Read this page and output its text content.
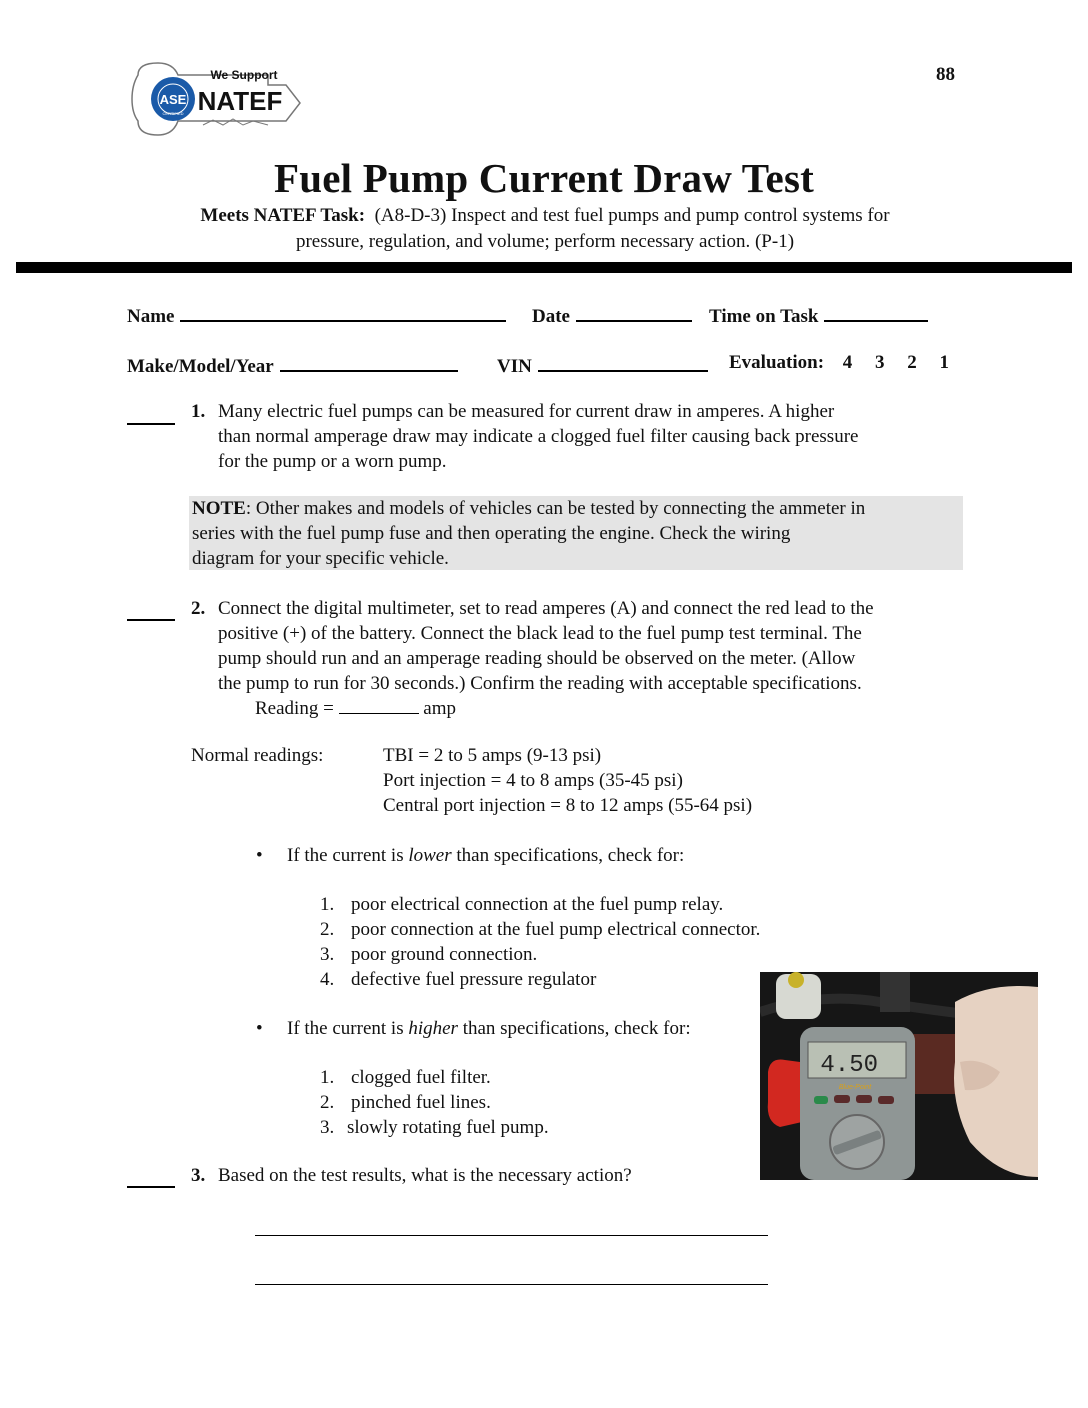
ASE
CERTIFIED
We Support
NATEF
88
Fuel Pump Current Draw Test
Meets NATEF Task: (A8-D-3) Inspect and test fuel pumps and pump control systems for
pressure, regulation, and volume; perform necessary action. (P-1)
Name	Date	Time on Task
Make/Model/Year	VIN	Evaluation: 4 3 2 1
1. Many electric fuel pumps can be measured for current draw in amperes. A higher
than normal amperage draw may indicate a clogged fuel filter causing back pressure
for the pump or a worn pump.
NOTE: Other makes and models of vehicles can be tested by connecting the ammeter in
series with the fuel pump fuse and then operating the engine. Check the wiring
diagram for your specific vehicle.
2. Connect the digital multimeter, set to read amperes (A) and connect the red lead to the
positive (+) of the battery. Connect the black lead to the fuel pump test terminal. The
pump should run and an amperage reading should be observed on the meter. (Allow
the pump to run for 30 seconds.) Confirm the reading with acceptable specifications.
Reading =	amp
Normal readings:	TBI = 2 to 5 amps (9-13 psi)
Port injection = 4 to 8 amps (35-45 psi)
Central port injection = 8 to 12 amps (55-64 psi)
• If the current is lower than specifications, check for:
1. poor electrical connection at the fuel pump relay.
2. poor connection at the fuel pump electrical connector.
3. poor ground connection.
4. defective fuel pressure regulator
• If the current is higher than specifications, check for:
1. clogged fuel filter.
2. pinched fuel lines.
3. slowly rotating fuel pump.
3. Based on the test results, what is the necessary action?
4.50
Blue-Point
